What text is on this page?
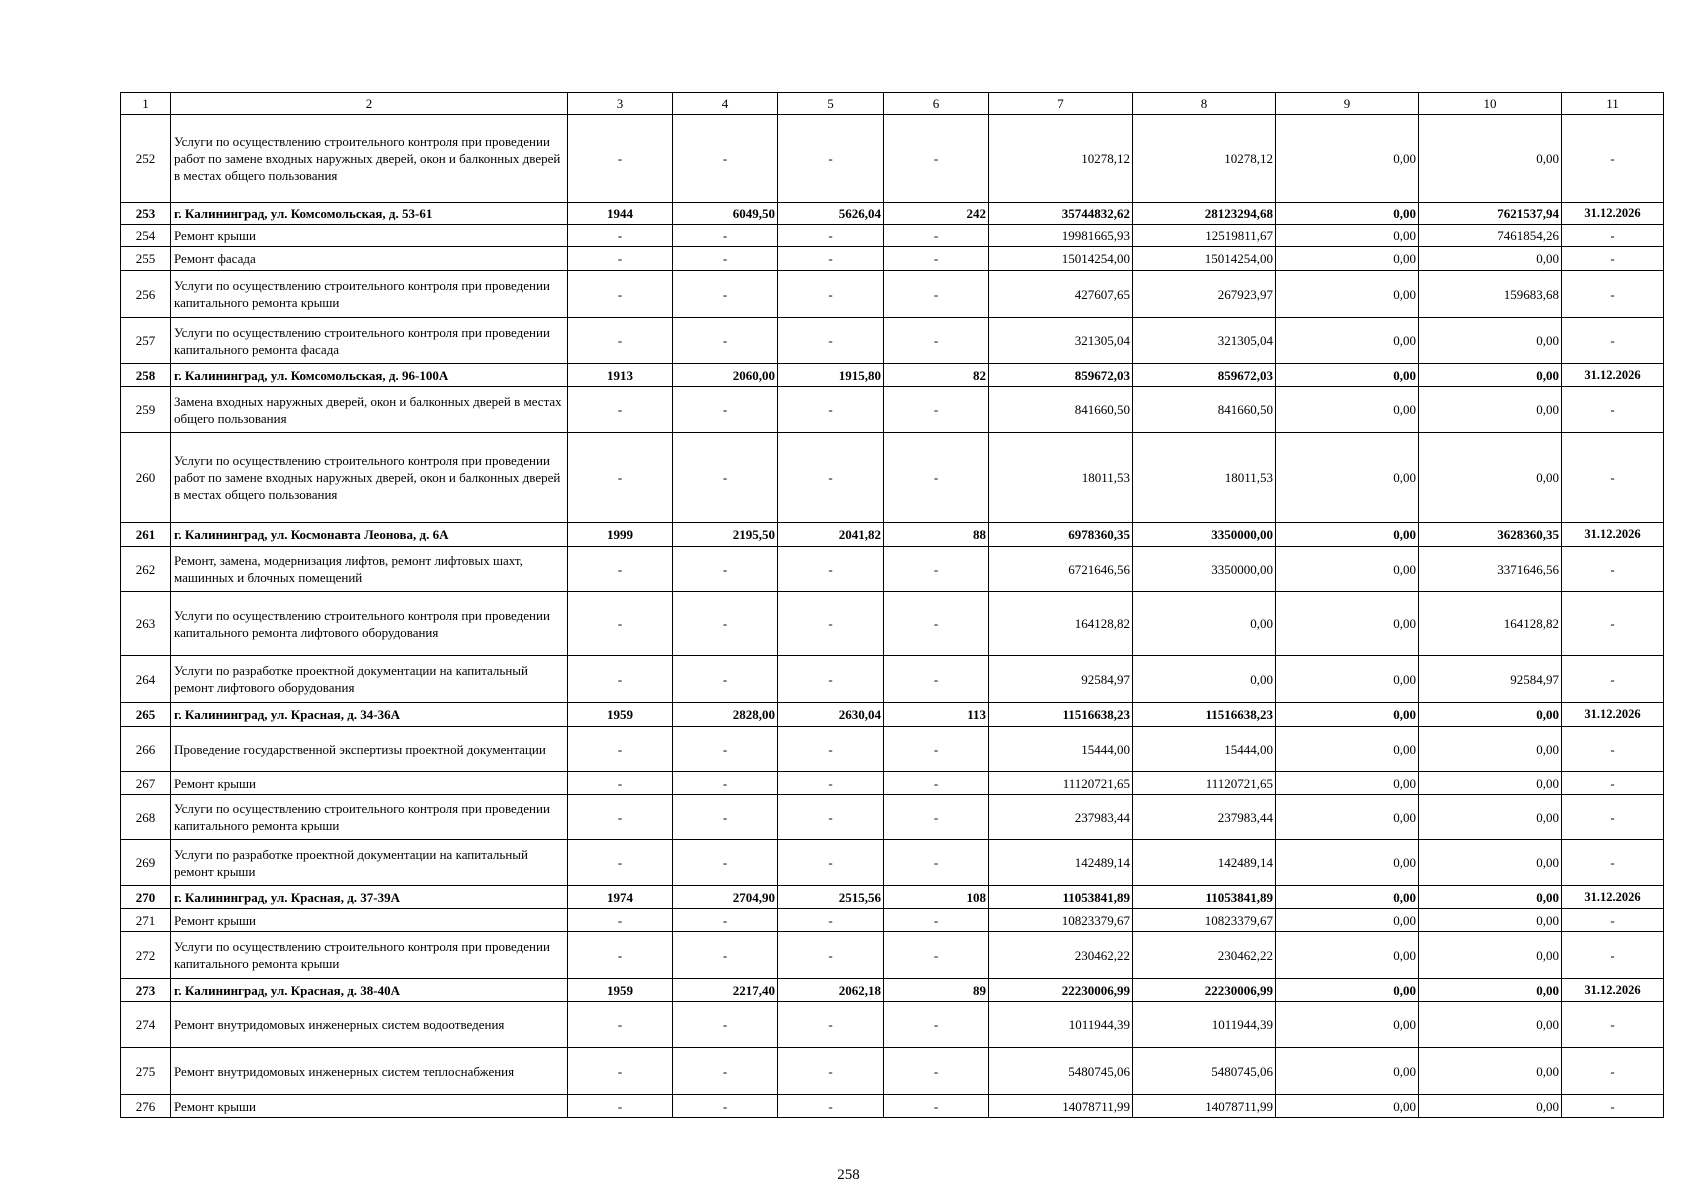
1	2	3	4	5	6	7	8	9	10	11
252	Услуги по осуществлению строительного контроля при проведении работ по замене входных наружных дверей, окон и балконных дверей в местах общего пользования	-	-	-	-	10278,12	10278,12	0,00	0,00	-
253	г. Калининград, ул. Комсомольская, д. 53-61	1944	6049,50	5626,04	242	35744832,62	28123294,68	0,00	7621537,94	31.12.2026
254	Ремонт крыши	-	-	-	-	19981665,93	12519811,67	0,00	7461854,26	-
255	Ремонт фасада	-	-	-	-	15014254,00	15014254,00	0,00	0,00	-
256	Услуги по осуществлению строительного контроля при проведении капитального ремонта крыши	-	-	-	-	427607,65	267923,97	0,00	159683,68	-
257	Услуги по осуществлению строительного контроля при проведении капитального ремонта фасада	-	-	-	-	321305,04	321305,04	0,00	0,00	-
258	г. Калининград, ул. Комсомольская, д. 96-100А	1913	2060,00	1915,80	82	859672,03	859672,03	0,00	0,00	31.12.2026
259	Замена входных наружных дверей, окон и балконных дверей в местах общего пользования	-	-	-	-	841660,50	841660,50	0,00	0,00	-
260	Услуги по осуществлению строительного контроля при проведении работ по замене входных наружных дверей, окон и балконных дверей в местах общего пользования	-	-	-	-	18011,53	18011,53	0,00	0,00	-
261	г. Калининград, ул. Космонавта Леонова, д. 6А	1999	2195,50	2041,82	88	6978360,35	3350000,00	0,00	3628360,35	31.12.2026
262	Ремонт, замена, модернизация лифтов, ремонт лифтовых шахт, машинных и блочных помещений	-	-	-	-	6721646,56	3350000,00	0,00	3371646,56	-
263	Услуги по осуществлению строительного контроля при проведении капитального ремонта лифтового оборудования	-	-	-	-	164128,82	0,00	0,00	164128,82	-
264	Услуги по разработке проектной документации на капитальный ремонт лифтового оборудования	-	-	-	-	92584,97	0,00	0,00	92584,97	-
265	г. Калининград, ул. Красная, д. 34-36А	1959	2828,00	2630,04	113	11516638,23	11516638,23	0,00	0,00	31.12.2026
266	Проведение государственной экспертизы проектной документации	-	-	-	-	15444,00	15444,00	0,00	0,00	-
267	Ремонт крыши	-	-	-	-	11120721,65	11120721,65	0,00	0,00	-
268	Услуги по осуществлению строительного контроля при проведении капитального ремонта крыши	-	-	-	-	237983,44	237983,44	0,00	0,00	-
269	Услуги по разработке проектной документации на капитальный ремонт крыши	-	-	-	-	142489,14	142489,14	0,00	0,00	-
270	г. Калининград, ул. Красная, д. 37-39А	1974	2704,90	2515,56	108	11053841,89	11053841,89	0,00	0,00	31.12.2026
271	Ремонт крыши	-	-	-	-	10823379,67	10823379,67	0,00	0,00	-
272	Услуги по осуществлению строительного контроля при проведении капитального ремонта крыши	-	-	-	-	230462,22	230462,22	0,00	0,00	-
273	г. Калининград, ул. Красная, д. 38-40А	1959	2217,40	2062,18	89	22230006,99	22230006,99	0,00	0,00	31.12.2026
274	Ремонт внутридомовых инженерных систем водоотведения	-	-	-	-	1011944,39	1011944,39	0,00	0,00	-
275	Ремонт внутридомовых инженерных систем теплоснабжения	-	-	-	-	5480745,06	5480745,06	0,00	0,00	-
276	Ремонт крыши	-	-	-	-	14078711,99	14078711,99	0,00	0,00	-
258
